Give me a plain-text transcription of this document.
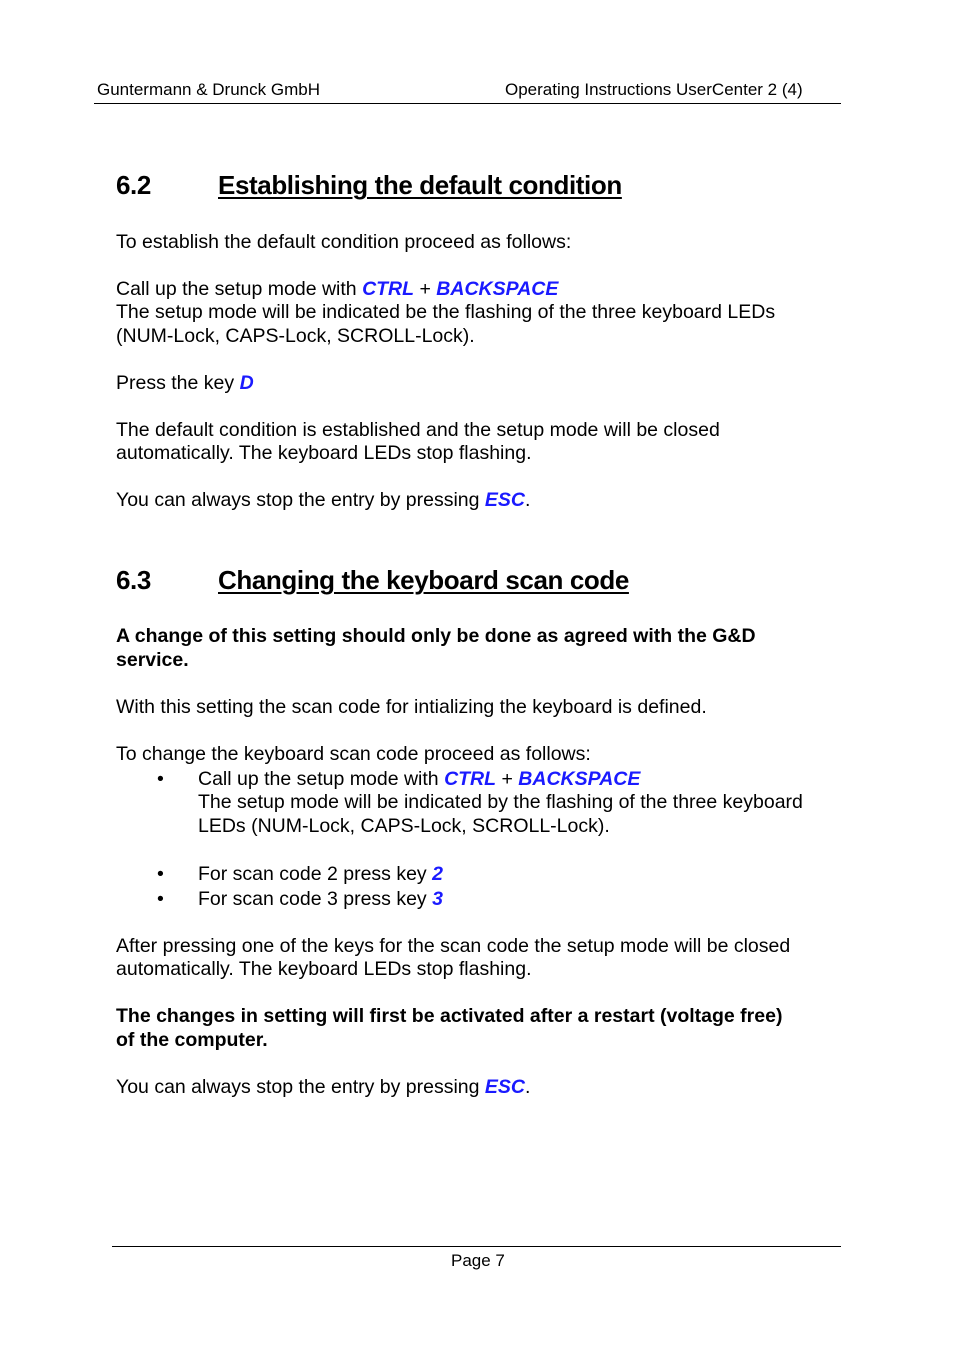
Guntermann & Drunck GmbH	Operating Instructions UserCenter 2 (4)
6.2	Establishing the default condition
To establish the default condition proceed as follows:
Call up the setup mode with CTRL + BACKSPACE
The setup mode will be indicated be the flashing of the three keyboard LEDs
(NUM-Lock, CAPS-Lock, SCROLL-Lock).
Press the key D
The default condition is established and the setup mode will be closed
automatically. The keyboard LEDs stop flashing.
You can always stop the entry by pressing ESC.
6.3	Changing the keyboard scan code
A change of this setting should only be done as agreed with the G&D
service.
With this setting the scan code for intializing the keyboard is defined.
To change the keyboard scan code proceed as follows:
• Call up the setup mode with CTRL + BACKSPACE
The setup mode will be indicated by the flashing of the three keyboard
LEDs (NUM-Lock, CAPS-Lock, SCROLL-Lock).
• For scan code 2 press key 2
• For scan code 3 press key 3
After pressing one of the keys for the scan code the setup mode will be closed
automatically. The keyboard LEDs stop flashing.
The changes in setting will first be activated after a restart (voltage free)
of the computer.
You can always stop the entry by pressing ESC.
Page 7
